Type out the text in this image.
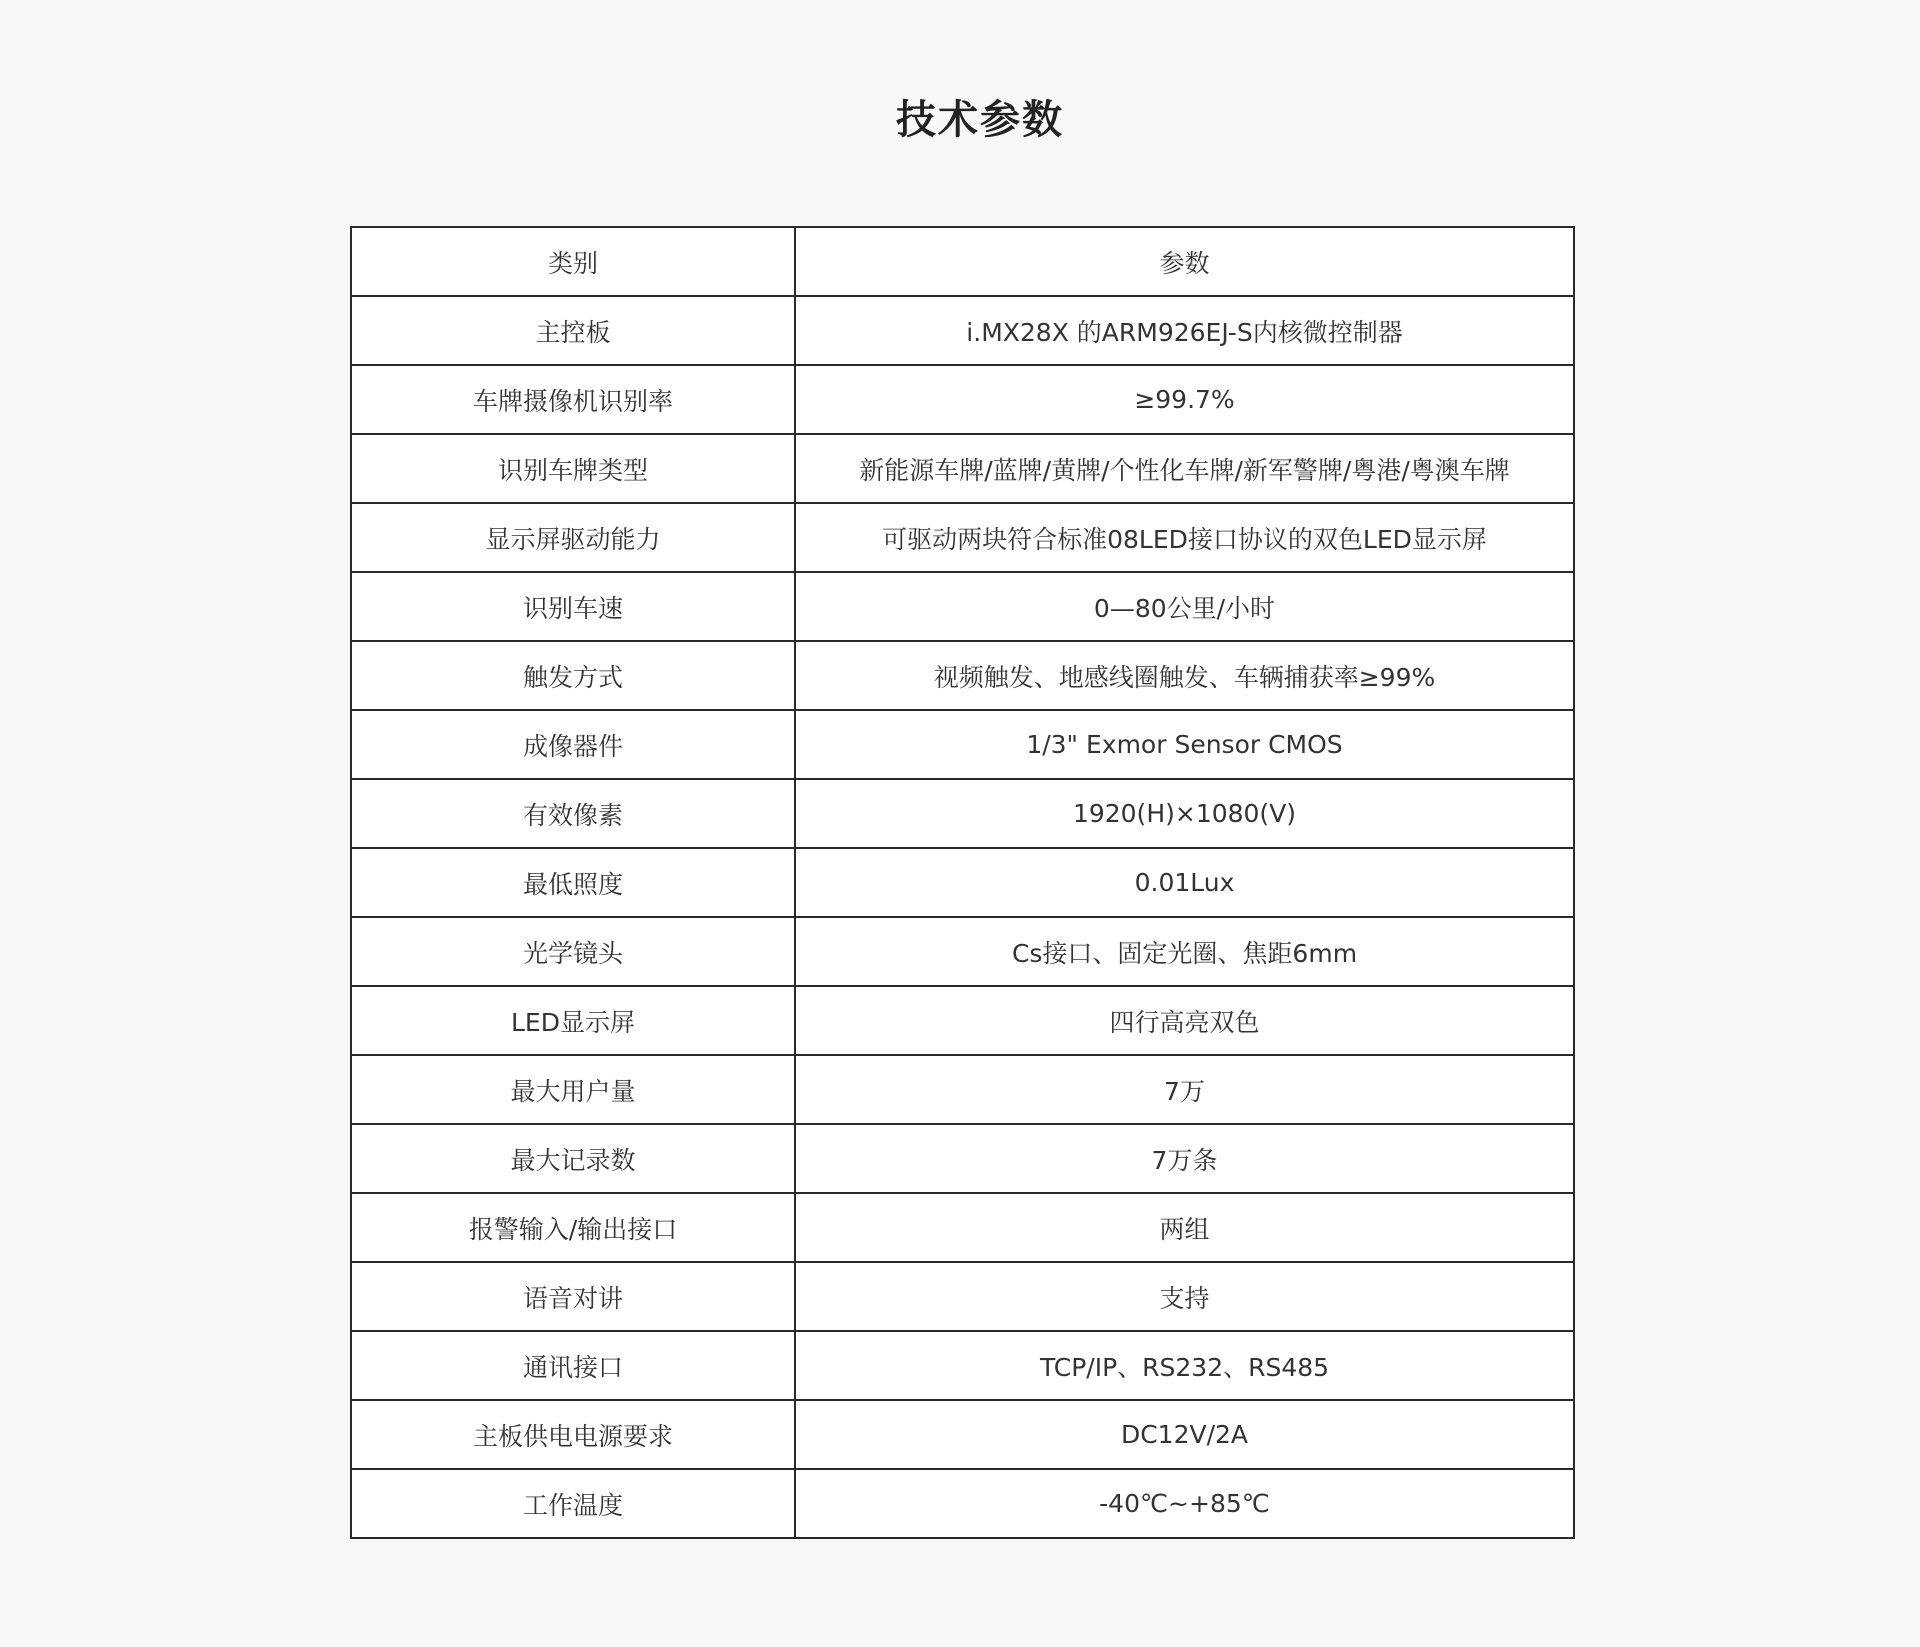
技术参数
类别	参数
主控板	i.MX28X 的ARM926EJ-S内核微控制器
车牌摄像机识别率	≥99.7%
识别车牌类型	新能源车牌/蓝牌/黄牌/个性化车牌/新军警牌/粤港/粤澳车牌
显示屏驱动能力	可驱动两块符合标准08LED接口协议的双色LED显示屏
识别车速	0—80公里/小时
触发方式	视频触发、地感线圈触发、车辆捕获率≥99%
成像器件	1/3" Exmor Sensor CMOS
有效像素	1920(H)×1080(V)
最低照度	0.01Lux
光学镜头	Cs接口、固定光圈、焦距6mm
LED显示屏	四行高亮双色
最大用户量	7万
最大记录数	7万条
报警输入/输出接口	两组
语音对讲	支持
通讯接口	TCP/IP、RS232、RS485
主板供电电源要求	DC12V/2A
工作温度	-40℃~+85℃
